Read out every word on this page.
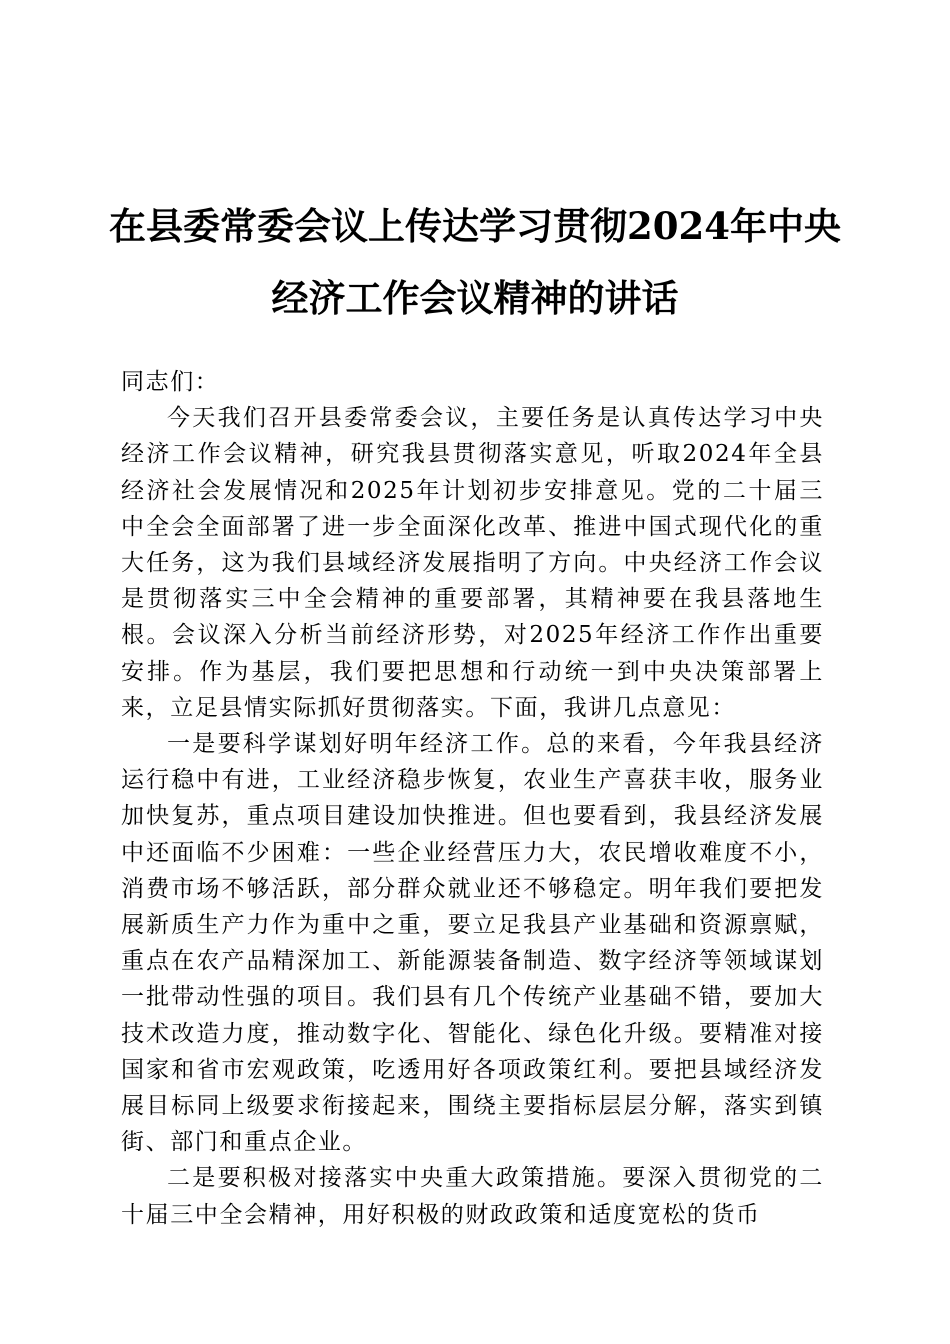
在县委常委会议上传达学习贯彻2024年中央
经济工作会议精神的讲话

同志们：

今天我们召开县委常委会议，主要任务是认真传达学习中央经济工作会议精神，研究我县贯彻落实意见，听取2024年全县经济社会发展情况和2025年计划初步安排意见。党的二十届三中全会全面部署了进一步全面深化改革、推进中国式现代化的重大任务，这为我们县域经济发展指明了方向。中央经济工作会议是贯彻落实三中全会精神的重要部署，其精神要在我县落地生根。会议深入分析当前经济形势，对2025年经济工作作出重要安排。作为基层，我们要把思想和行动统一到中央决策部署上来，立足县情实际抓好贯彻落实。下面，我讲几点意见：

一是要科学谋划好明年经济工作。总的来看，今年我县经济运行稳中有进，工业经济稳步恢复，农业生产喜获丰收，服务业加快复苏，重点项目建设加快推进。但也要看到，我县经济发展中还面临不少困难：一些企业经营压力大，农民增收难度不小，消费市场不够活跃，部分群众就业还不够稳定。明年我们要把发展新质生产力作为重中之重，要立足我县产业基础和资源禀赋，重点在农产品精深加工、新能源装备制造、数字经济等领域谋划一批带动性强的项目。我们县有几个传统产业基础不错，要加大技术改造力度，推动数字化、智能化、绿色化升级。要精准对接国家和省市宏观政策，吃透用好各项政策红利。要把县域经济发展目标同上级要求衔接起来，围绕主要指标层层分解，落实到镇街、部门和重点企业。

二是要积极对接落实中央重大政策措施。要深入贯彻党的二十届三中全会精神，用好积极的财政政策和适度宽松的货币
